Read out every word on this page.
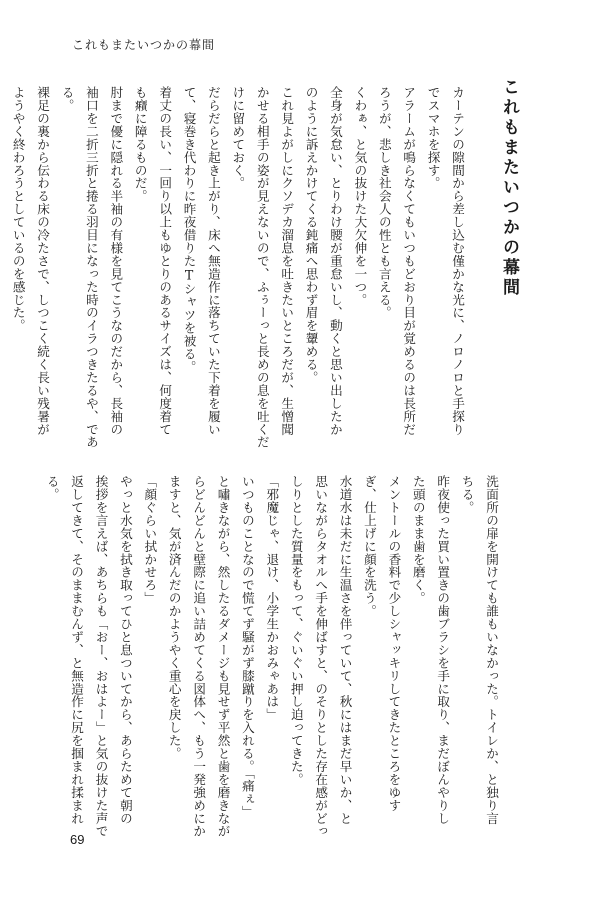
これもまたいつかの幕間
これもまたいつかの幕間
カーテンの隙間から差し込む僅かな光に、ノロノロと手探り
でスマホを探す。
アラームが鳴らなくてもいつもどおり目が覚めるのは長所だ
ろうが、悲しき社会人の性とも言える。
くわぁ、と気の抜けた大欠伸を一つ。
全身が気怠い、とりわけ腰が重怠いし、動くと思い出したか
のように訴えかけてくる鈍痛へ思わず眉を顰める。
これ見よがしにクソデカ溜息を吐きたいところだが、生憎聞
かせる相手の姿が見えないので、ふぅーっと長めの息を吐くだ
けに留めておく。
だらだらと起き上がり、床へ無造作に落ちていた下着を履い
て、寝巻き代わりに昨夜借りたTシャツを被る。
着丈の長い、一回り以上もゆとりのあるサイズは、何度着て
も癪に障るものだ。
肘まで優に隠れる半袖の有様を見てこうなのだから、長袖の
袖口を二折三折と捲る羽目になった時のイラつきたるや、であ
る。
裸足の裏から伝わる床の冷たさで、しつこく続く長い残暑が
ようやく終わろうとしているのを感じた。
洗面所の扉を開けても誰もいなかった。トイレか、と独り言
ちる。
昨夜使った買い置きの歯ブラシを手に取り、まだぼんやりし
た頭のまま歯を磨く。
メントールの香料で少しシャッキリしてきたところをゆす
ぎ、仕上げに顔を洗う。
水道水は未だに生温さを伴っていて、秋にはまだ早いか、と
思いながらタオルへ手を伸ばすと、のそりとした存在感がどっ
しりとした質量をもって、ぐいぐい押し迫ってきた。
「邪魔じゃ、退け、小学生かおみゃあは」
いつものことなので慌てず騒がず膝蹴りを入れる。「痛ぇ」
と嘯きながら、然したるダメージも見せず平然と歯を磨きなが
らどんどんと壁際に追い詰めてくる図体へ、もう一発強めにか
ますと、気が済んだのかようやく重心を戻した。
「顔ぐらい拭かせろ」
やっと水気を拭き取ってひと息ついてから、あらためて朝の
挨拶を言えば、あちらも「おー、おはよー」と気の抜けた声で
返してきて、そのままむんず、と無造作に尻を掴まれ揉まれ
る。
69
